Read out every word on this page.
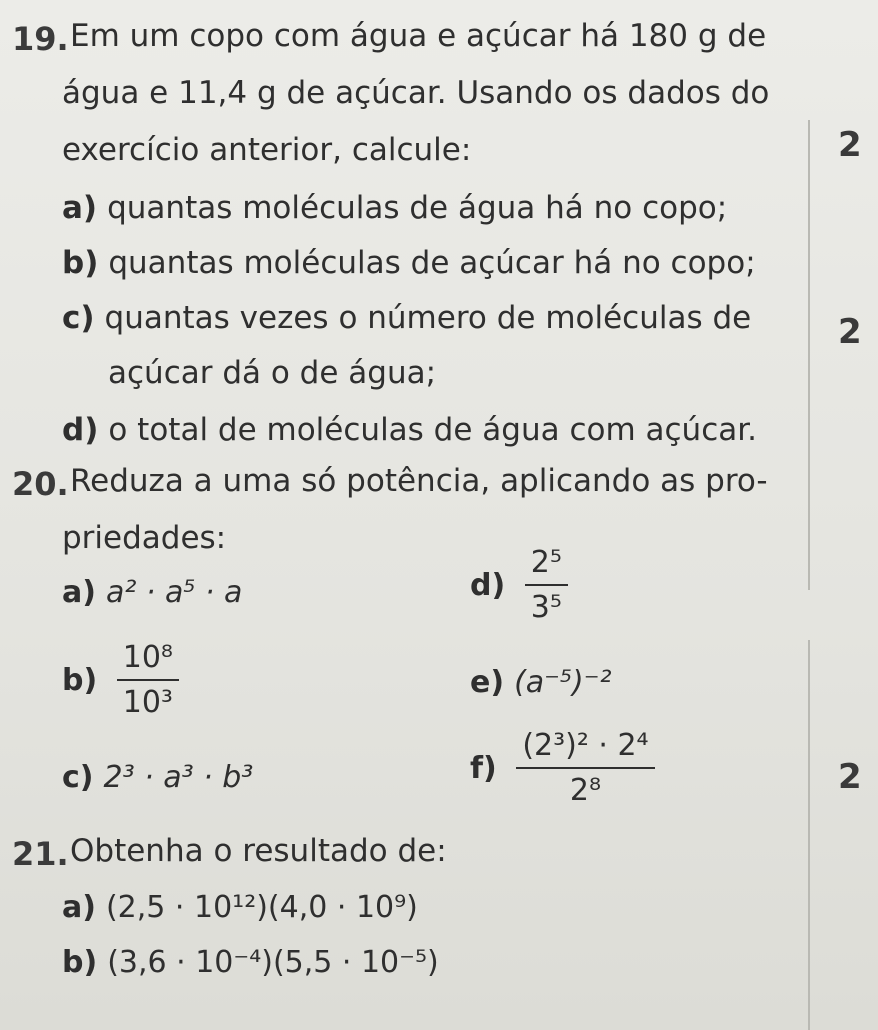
19. Em um copo com água e açúcar há 180 g de
água e 11,4 g de açúcar. Usando os dados do
exercício anterior, calcule:
a) quantas moléculas de água há no copo;
b) quantas moléculas de açúcar há no copo;
c) quantas vezes o número de moléculas de
açúcar dá o de água;
d) o total de moléculas de água com açúcar.
20. Reduza a uma só potência, aplicando as pro-
priedades:
a) a² · a⁵ · a	$d) \frac{\text{2⁵}}{\text{3⁵}}$
$b) \frac{\text{10⁸}}{\text{10³}}$	e) (a⁻⁵)⁻²
c) 2³ · a³ · b³	$f) \frac{\text{(2³)² · 2⁴}}{\text{2⁸}}$
21. Obtenha o resultado de:
a) (2,5 · 10¹²)(4,0 · 10⁹)
b) (3,6 · 10⁻⁴)(5,5 · 10⁻⁵)
2
2
2
